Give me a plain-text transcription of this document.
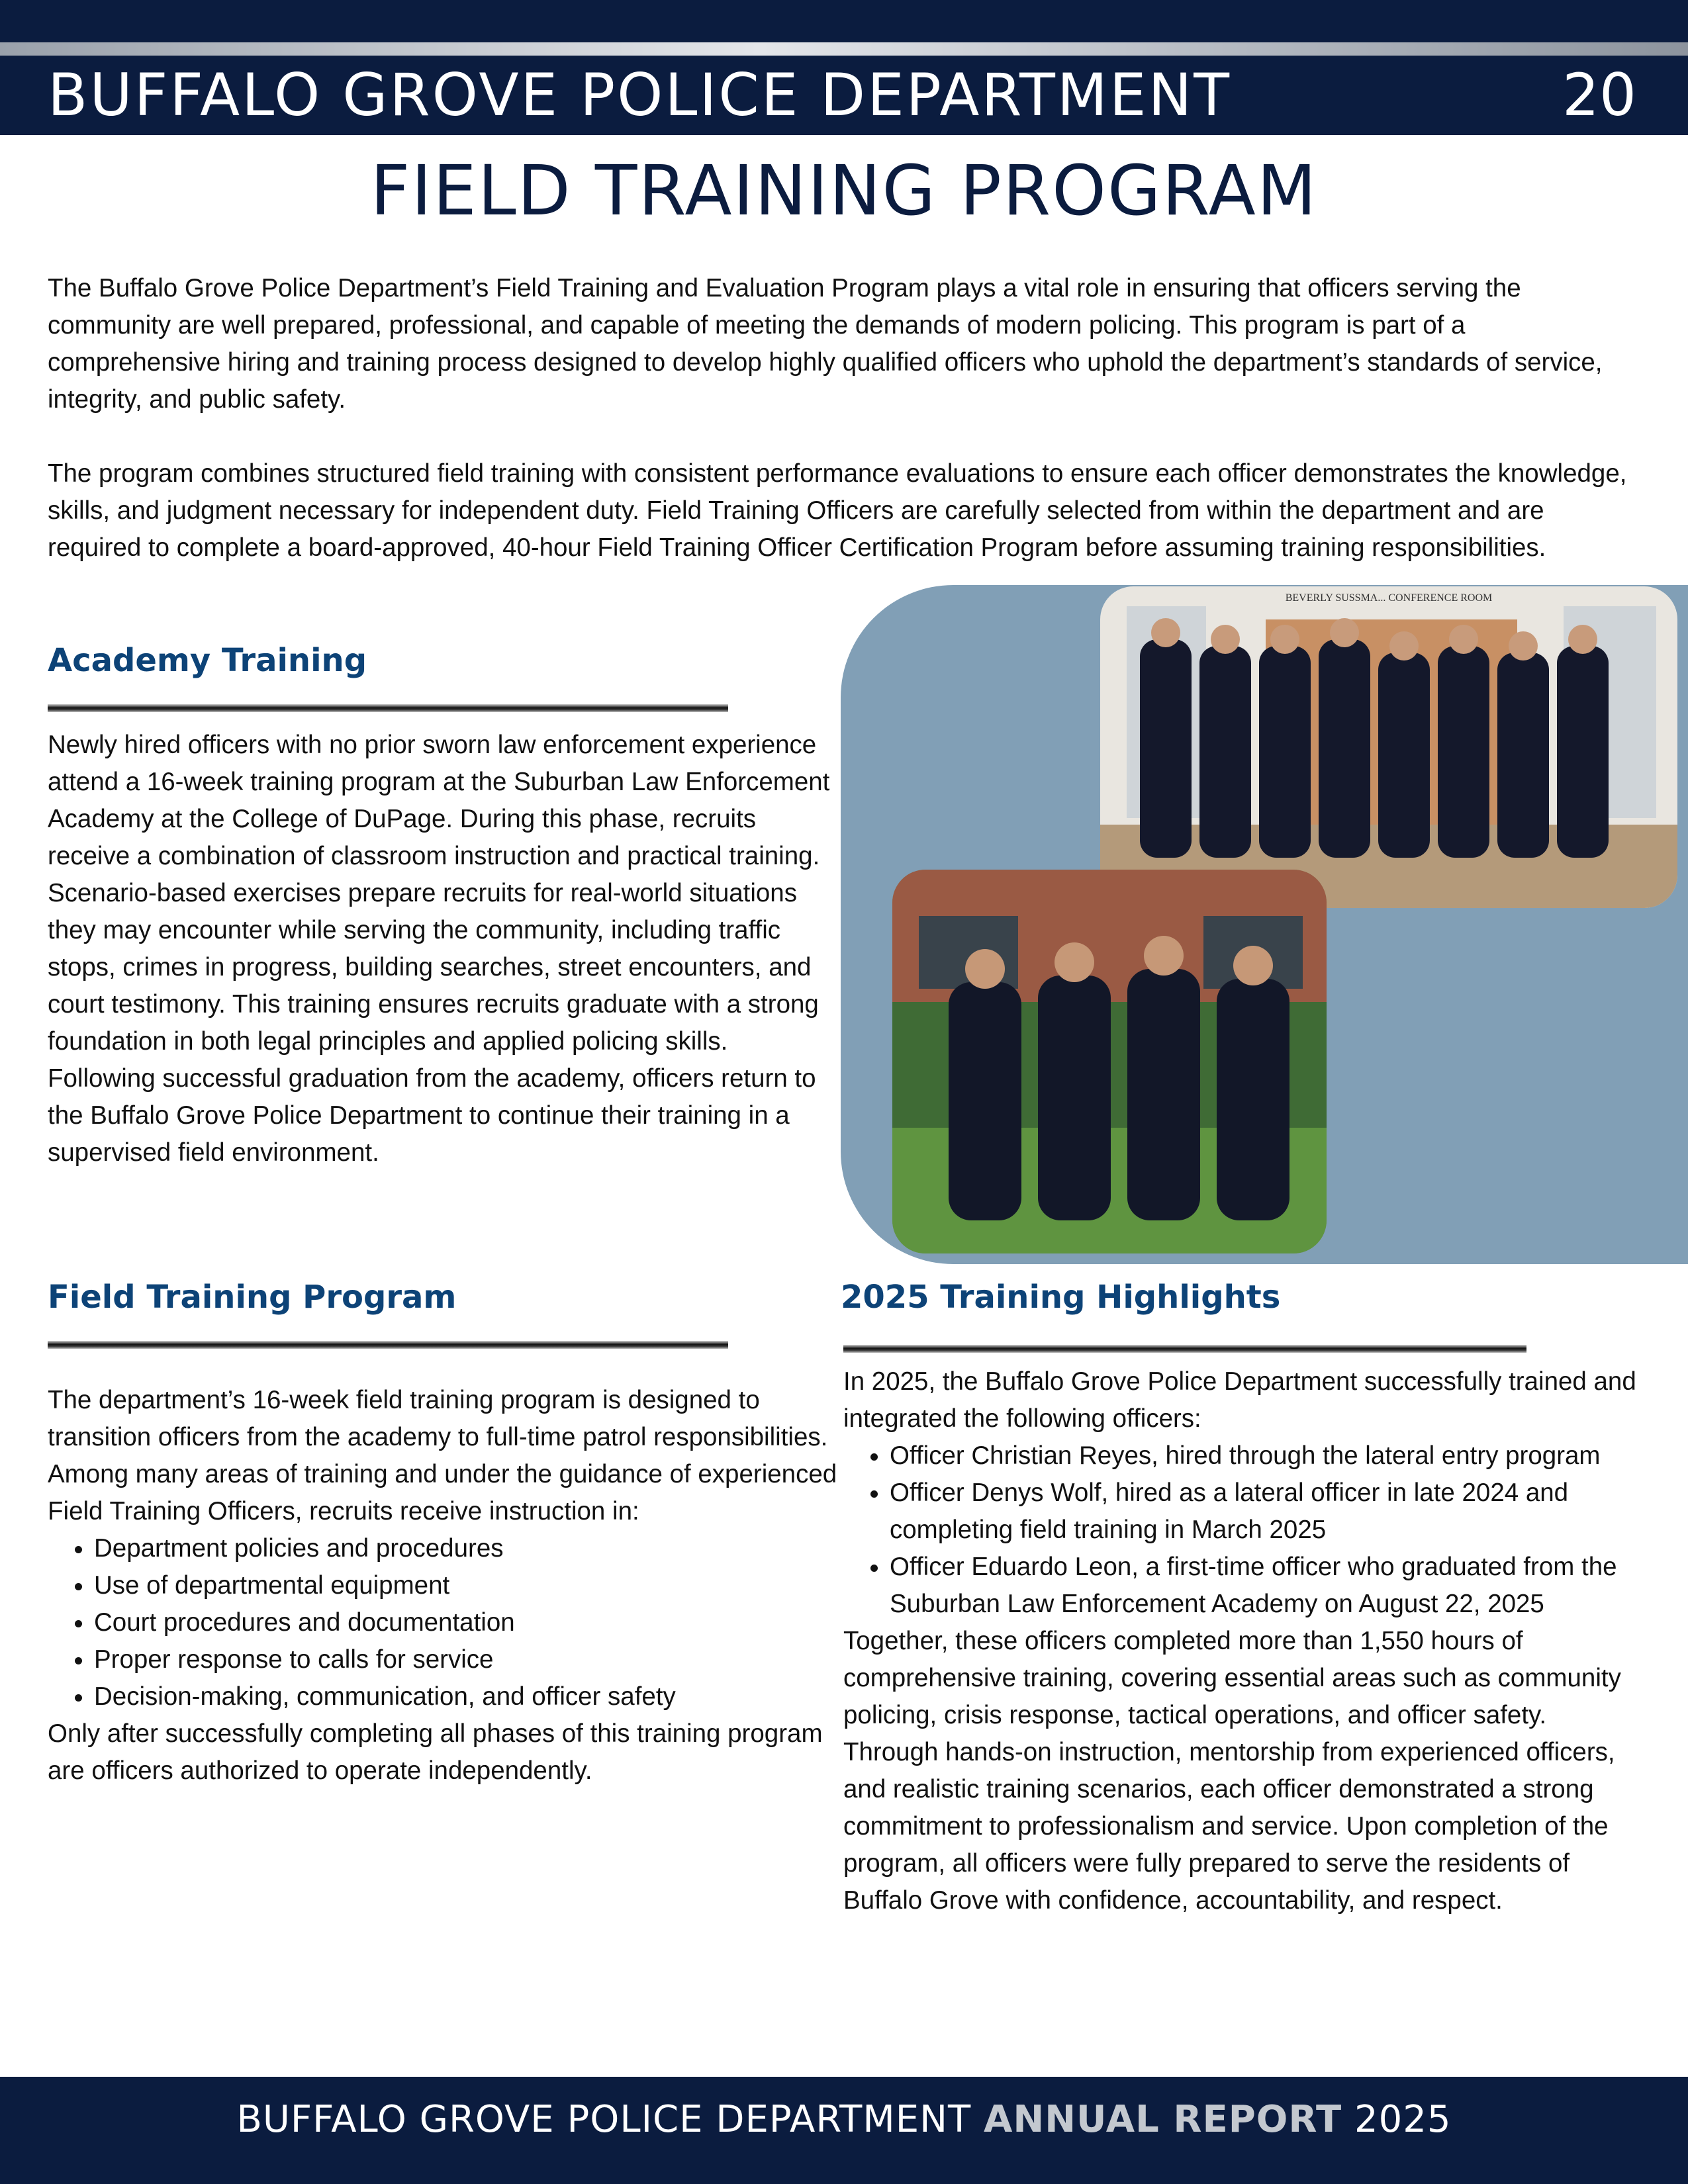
BUFFALO GROVE POLICE DEPARTMENT	20
FIELD TRAINING PROGRAM

The Buffalo Grove Police Department’s Field Training and Evaluation Program plays a vital role in ensuring that officers serving the community are well prepared, professional, and capable of meeting the demands of modern policing. This program is part of a comprehensive hiring and training process designed to develop highly qualified officers who uphold the department’s standards of service, integrity, and public safety.

The program combines structured field training with consistent performance evaluations to ensure each officer demonstrates the knowledge, skills, and judgment necessary for independent duty. Field Training Officers are carefully selected from within the department and are required to complete a board-approved, 40-hour Field Training Officer Certification Program before assuming training responsibilities.

Academy Training

Newly hired officers with no prior sworn law enforcement experience attend a 16-week training program at the Suburban Law Enforcement Academy at the College of DuPage. During this phase, recruits receive a combination of classroom instruction and practical training. Scenario-based exercises prepare recruits for real-world situations they may encounter while serving the community, including traffic stops, crimes in progress, building searches, street encounters, and court testimony. This training ensures recruits graduate with a strong foundation in both legal principles and applied policing skills. Following successful graduation from the academy, officers return to the Buffalo Grove Police Department to continue their training in a supervised field environment.

BEVERLY SUSSMA... CONFERENCE ROOM
Field Training Program

The department’s 16-week field training program is designed to transition officers from the academy to full-time patrol responsibilities. Among many areas of training and under the guidance of experienced Field Training Officers, recruits receive instruction in:

• Department policies and procedures
• Use of departmental equipment
• Court procedures and documentation
• Proper response to calls for service
• Decision-making, communication, and officer safety

Only after successfully completing all phases of this training program are officers authorized to operate independently.

2025 Training Highlights

In 2025, the Buffalo Grove Police Department successfully trained and integrated the following officers:

• Officer Christian Reyes, hired through the lateral entry program
• Officer Denys Wolf, hired as a lateral officer in late 2024 and completing field training in March 2025
• Officer Eduardo Leon, a first-time officer who graduated from the Suburban Law Enforcement Academy on August 22, 2025

Together, these officers completed more than 1,550 hours of comprehensive training, covering essential areas such as community policing, crisis response, tactical operations, and officer safety.

Through hands-on instruction, mentorship from experienced officers, and realistic training scenarios, each officer demonstrated a strong commitment to professionalism and service. Upon completion of the program, all officers were fully prepared to serve the residents of Buffalo Grove with confidence, accountability, and respect.

BUFFALO GROVE POLICE DEPARTMENT ANNUAL REPORT 2025
